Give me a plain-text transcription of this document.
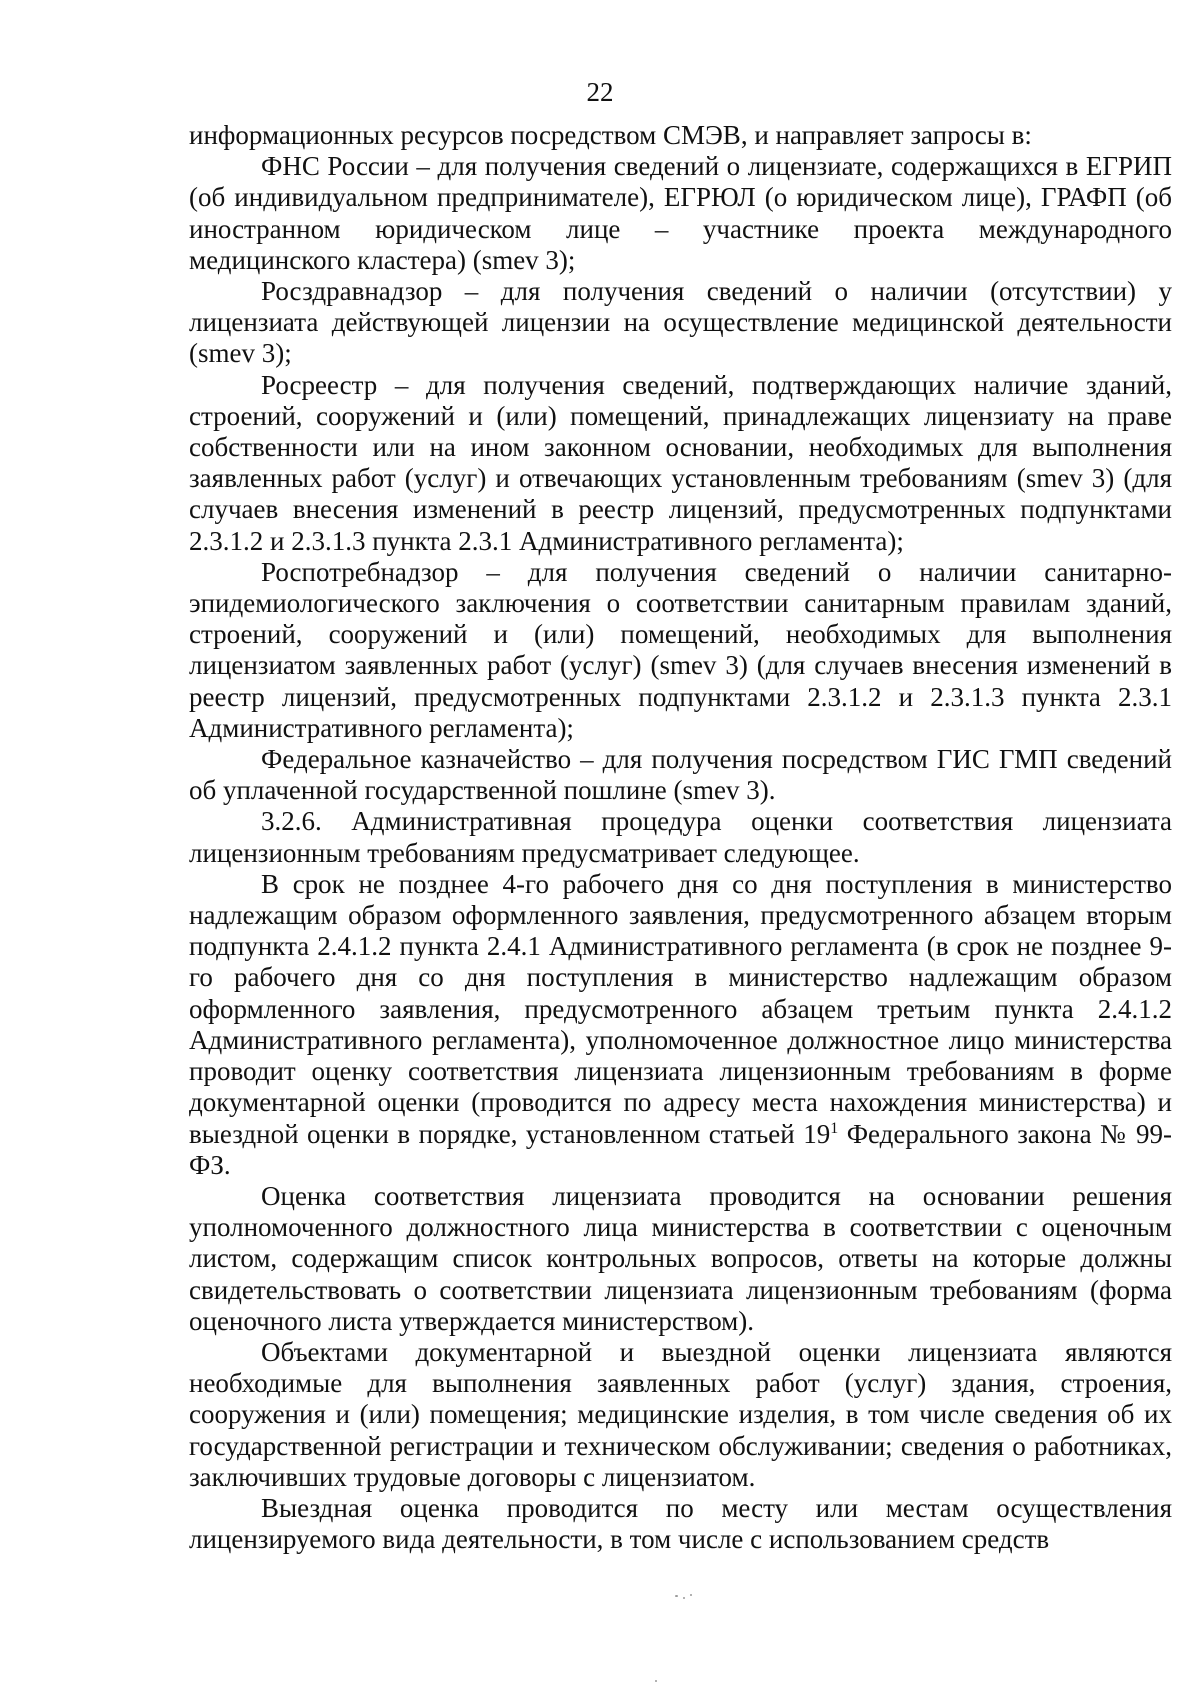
22

информационных ресурсов посредством СМЭВ, и направляет запросы в:

ФНС России – для получения сведений о лицензиате, содержащихся в ЕГРИП (об индивидуальном предпринимателе), ЕГРЮЛ (о юридическом лице), ГРАФП (об иностранном юридическом лице – участнике проекта международного медицинского кластера) (smev 3);

Росздравнадзор – для получения сведений о наличии (отсутствии) у лицензиата действующей лицензии на осуществление медицинской деятельности (smev 3);

Росреестр – для получения сведений, подтверждающих наличие зданий, строений, сооружений и (или) помещений, принадлежащих лицензиату на праве собственности или на ином законном основании, необходимых для выполнения заявленных работ (услуг) и отвечающих установленным требованиям (smev 3) (для случаев внесения изменений в реестр лицензий, предусмотренных подпунктами 2.3.1.2 и 2.3.1.3 пункта 2.3.1 Административного регламента);

Роспотребнадзор – для получения сведений о наличии санитарно-эпидемиологического заключения о соответствии санитарным правилам зданий, строений, сооружений и (или) помещений, необходимых для выполнения лицензиатом заявленных работ (услуг) (smev 3) (для случаев внесения изменений в реестр лицензий, предусмотренных подпунктами 2.3.1.2 и 2.3.1.3 пункта 2.3.1 Административного регламента);

Федеральное казначейство – для получения посредством ГИС ГМП сведений об уплаченной государственной пошлине (smev 3).

3.2.6. Административная процедура оценки соответствия лицензиата лицензионным требованиям предусматривает следующее.

В срок не позднее 4-го рабочего дня со дня поступления в министерство надлежащим образом оформленного заявления, предусмотренного абзацем вторым подпункта 2.4.1.2 пункта 2.4.1 Административного регламента (в срок не позднее 9-го рабочего дня со дня поступления в министерство надлежащим образом оформленного заявления, предусмотренного абзацем третьим пункта 2.4.1.2 Административного регламента), уполномоченное должностное лицо министерства проводит оценку соответствия лицензиата лицензионным требованиям в форме документарной оценки (проводится по адресу места нахождения министерства) и выездной оценки в порядке, установленном статьей $19^1$ Федерального закона № 99-ФЗ.

Оценка соответствия лицензиата проводится на основании решения уполномоченного должностного лица министерства в соответствии с оценочным листом, содержащим список контрольных вопросов, ответы на которые должны свидетельствовать о соответствии лицензиата лицензионным требованиям (форма оценочного листа утверждается министерством).

Объектами документарной и выездной оценки лицензиата являются необходимые для выполнения заявленных работ (услуг) здания, строения, сооружения и (или) помещения; медицинские изделия, в том числе сведения об их государственной регистрации и техническом обслуживании; сведения о работниках, заключивших трудовые договоры с лицензиатом.

Выездная оценка проводится по месту или местам осуществления лицензируемого вида деятельности, в том числе с использованием средств
